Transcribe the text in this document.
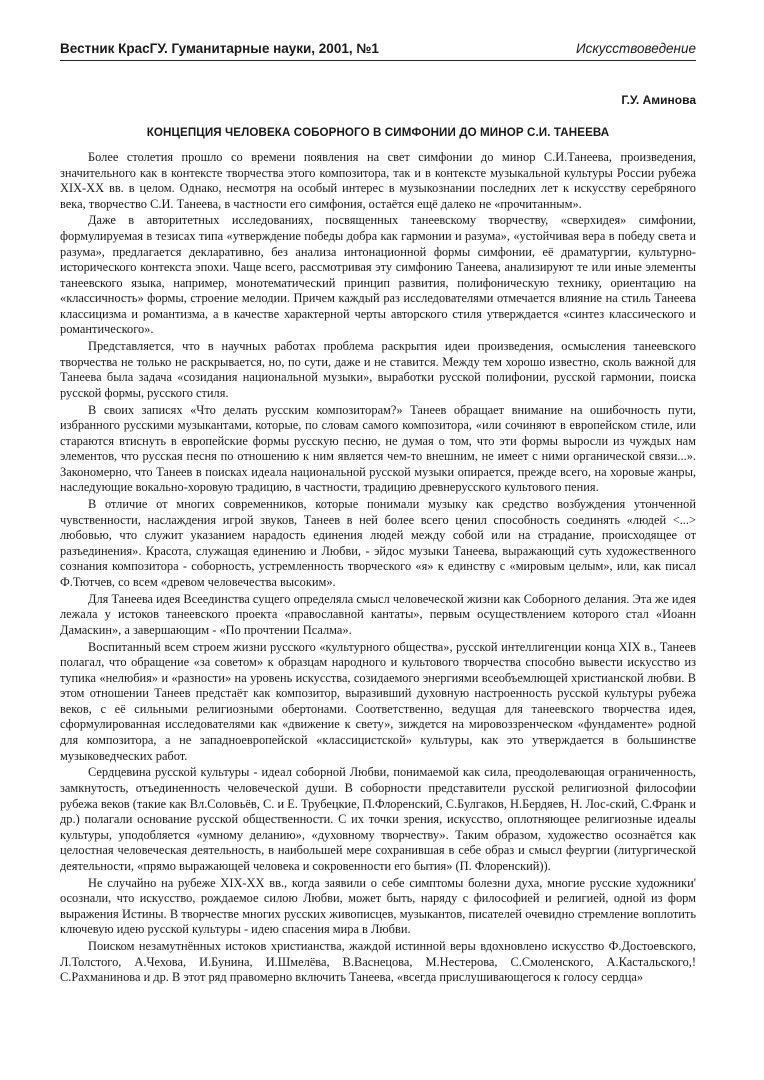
Вестник КрасГУ. Гуманитарные науки, 2001, №1	Искусствоведение
Г.У. Аминова
КОНЦЕПЦИЯ ЧЕЛОВЕКА СОБОРНОГО В СИМФОНИИ ДО МИНОР С.И. ТАНЕЕВА

Более столетия прошло со времени появления на свет симфонии до минор С.И.Танеева, произведения, значительного как в контексте творчества этого композитора, так и в контексте музыкальной культуры России рубежа XIX-XX вв. в целом. Однако, несмотря на особый интерес в музыкознании последних лет к искусству серебряного века, творчество С.И. Танеева, в частности его симфония, остаётся ещё далеко не «прочитанным».

Даже в авторитетных исследованиях, посвященных танеевскому творчеству, «сверхидея» симфонии, формулируемая в тезисах типа «утверждение победы добра как гармонии и разума», «устойчивая вера в победу света и разума», предлагается декларативно, без анализа интонационной формы симфонии, её драматургии, культурно-исторического контекста эпохи. Чаще всего, рассмотривая эту симфонию Танеева, анализируют те или иные элементы танеевского языка, например, монотематический принцип развития, полифоническую технику, ориентацию на «классичность» формы, строение мелодии. Причем каждый раз исследователями отмечается влияние на стиль Танеева классицизма и романтизма, а в качестве характерной черты авторского стиля утверждается «синтез классического и романтического».

Представляется, что в научных работах проблема раскрытия идеи произведения, осмысления танеевского творчества не только не раскрывается, но, по сути, даже и не ставится. Между тем хорошо известно, сколь важной для Танеева была задача «созидания национальной музыки», выработки русской полифонии, русской гармонии, поиска русской формы, русского стиля.

В своих записях «Что делать русским композиторам?» Танеев обращает внимание на ошибочность пути, избранного русскими музыкантами, которые, по словам самого композитора, «или сочиняют в европейском стиле, или стараются втиснуть в европейские формы русскую песню, не думая о том, что эти формы выросли из чуждых нам элементов, что русская песня по отношению к ним является чем-то внешним, не имеет с ними органической связи...». Закономерно, что Танеев в поисках идеала национальной русской музыки опирается, прежде всего, на хоровые жанры, наследующие вокально-хоровую традицию, в частности, традицию древнерусского культового пения.

В отличие от многих современников, которые понимали музыку как средство возбуждения утонченной чувственности, наслаждения игрой звуков, Танеев в ней более всего ценил способность соединять «людей <...> любовью, что служит указанием нарадость единения людей между собой или на страдание, происходящее от разъединения». Красота, служащая единению и Любви, - эйдос музыки Танеева, выражающий суть художественного сознания композитора - соборность, устремленность творческого «я» к единству с «мировым целым», или, как писал Ф.Тютчев, со всем «древом человечества высоким».

Для Танеева идея Всеединства сущего определяла смысл человеческой жизни как Соборного делания. Эта же идея лежала у истоков танеевского проекта «православной кантаты», первым осуществлением которого стал «Иоанн Дамаскин», а завершающим - «По прочтении Псалма».

Воспитанный всем строем жизни русского «культурного общества», русской интеллигенции конца XIX в., Танеев полагал, что обращение «за советом» к образцам народного и культового творчества способно вывести искусство из тупика «нелюбия» и «разности» на уровень искусства, созидаемого энергиями всеобъемлющей христианской любви. В этом отношении Танеев предстаёт как композитор, выразивший духовную настроенность русской культуры рубежа веков, с её сильными религиозными обертонами. Соответственно, ведущая для танеевского творчества идея, сформулированная исследователями как «движение к свету», зиждется на мировоззренческом «фундаменте» родной для композитора, а не западноевропейской «классицистской» культуры, как это утверждается в большинстве музыковедческих работ.

Сердцевина русской культуры - идеал соборной Любви, понимаемой как сила, преодолевающая ограниченность, замкнутость, отъединенность человеческой души. В соборности представители русской религиозной философии рубежа веков (такие как Вл.Соловьёв, С. и Е. Трубецкие, П.Флоренский, С.Булгаков, Н.Бердяев, Н. Лос-ский, С.Франк и др.) полагали основание русской общественности. С их точки зрения, искусство, оплотняющее религиозные идеалы культуры, уподобляется «умному деланию», «духовному творчеству». Таким образом, художество осознаётся как целостная человеческая деятельность, в наибольшей мере сохранившая в себе образ и смысл феургии (литургической деятельности, «прямо выражающей человека и сокровенности его бытия» (П. Флоренский)).

Не случайно на рубеже XIX-XX вв., когда заявили о себе симптомы болезни духа, многие русские художники' осознали, что искусство, рождаемое силою Любви, может быть, наряду с философией и религией, одной из форм выражения Истины. В творчестве многих русских живописцев, музыкантов, писателей очевидно стремление воплотить ключевую идею русской культуры - идею спасения мира в Любви.

Поиском незамутнённых истоков христианства, жаждой истинной веры вдохновлено искусство Ф.Достоевского, Л.Толстого, А.Чехова, И.Бунина, И.Шмелёва, В.Васнецова, М.Нестерова, С.Смоленского, А.Кастальского,! С.Рахманинова и др. В этот ряд правомерно включить Танеева, «всегда прислушивающегося к голосу сердца»
